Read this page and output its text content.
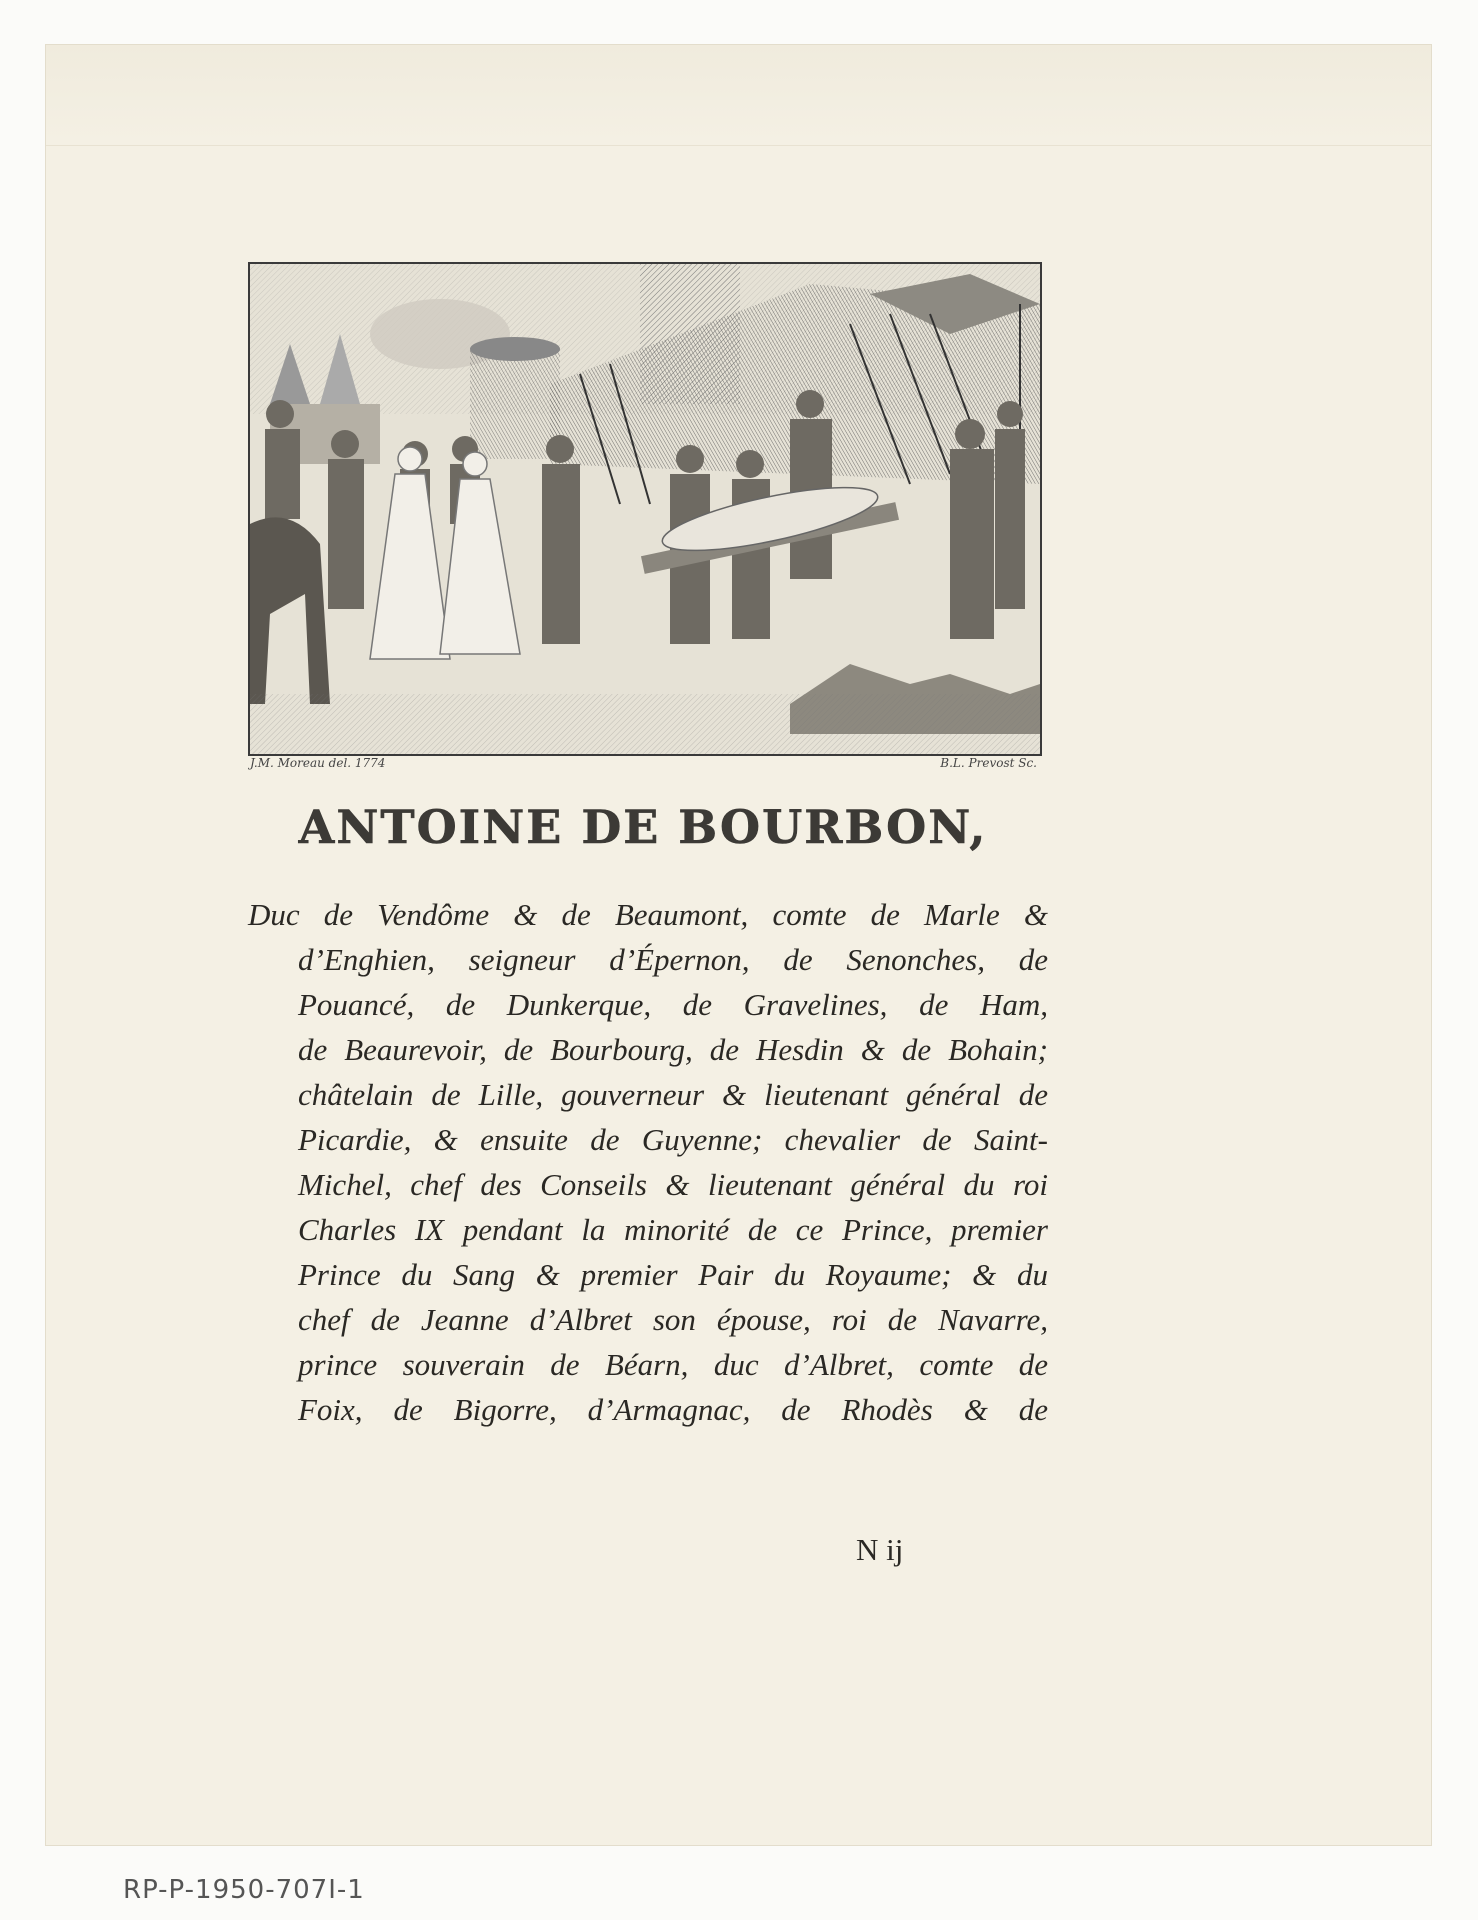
J.M. Moreau del. 1774	B.L. Prevost Sc.
ANTOINE DE BOURBON,
Duc de Vendôme & de Beaumont, comte de Marle &
d’Enghien, seigneur d’Épernon, de Senonches, de
Pouancé, de Dunkerque, de Gravelines, de Ham,
de Beaurevoir, de Bourbourg, de Hesdin & de Bohain;
châtelain de Lille, gouverneur & lieutenant général de
Picardie, & ensuite de Guyenne; chevalier de Saint-
Michel, chef des Conseils & lieutenant général du roi
Charles IX pendant la minorité de ce Prince, premier
Prince du Sang & premier Pair du Royaume; & du
chef de Jeanne d’Albret son épouse, roi de Navarre,
prince souverain de Béarn, duc d’Albret, comte de
Foix, de Bigorre, d’Armagnac, de Rhodès & de
N ij
RP-P-1950-707I-1
